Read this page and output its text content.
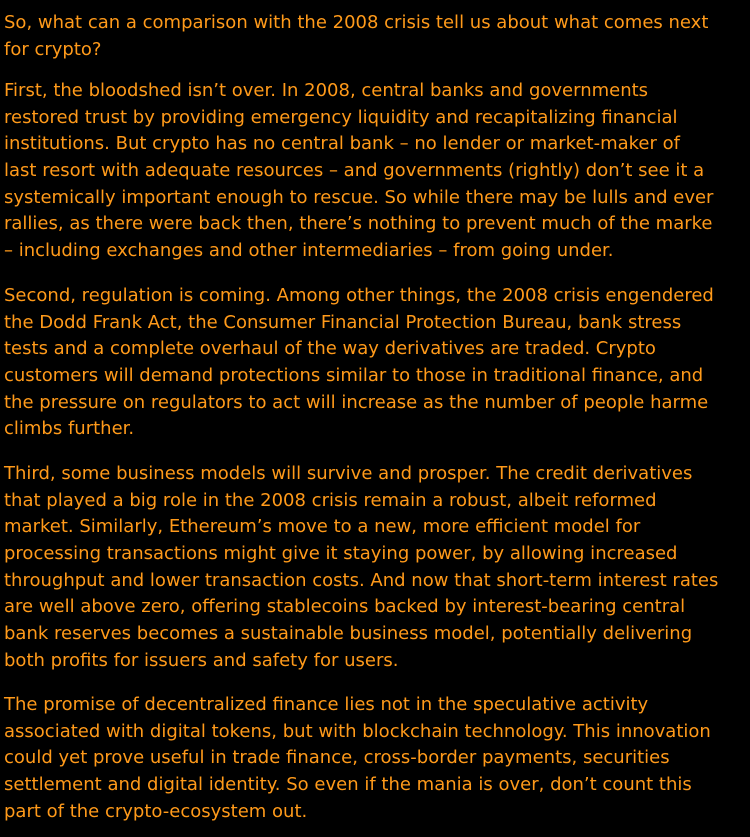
So, what can a comparison with the 2008 crisis tell us about what comes next
for crypto?
First, the bloodshed isn’t over. In 2008, central banks and governments
restored trust by providing emergency liquidity and recapitalizing financial
institutions. But crypto has no central bank – no lender or market-maker of
last resort with adequate resources – and governments (rightly) don’t see it a
systemically important enough to rescue. So while there may be lulls and ever
rallies, as there were back then, there’s nothing to prevent much of the marke
– including exchanges and other intermediaries – from going under.
Second, regulation is coming. Among other things, the 2008 crisis engendered
the Dodd Frank Act, the Consumer Financial Protection Bureau, bank stress
tests and a complete overhaul of the way derivatives are traded. Crypto
customers will demand protections similar to those in traditional finance, and
the pressure on regulators to act will increase as the number of people harme
climbs further.
Third, some business models will survive and prosper. The credit derivatives
that played a big role in the 2008 crisis remain a robust, albeit reformed
market. Similarly, Ethereum’s move to a new, more efficient model for
processing transactions might give it staying power, by allowing increased
throughput and lower transaction costs. And now that short-term interest rates
are well above zero, offering stablecoins backed by interest-bearing central
bank reserves becomes a sustainable business model, potentially delivering
both profits for issuers and safety for users.
The promise of decentralized finance lies not in the speculative activity
associated with digital tokens, but with blockchain technology. This innovation
could yet prove useful in trade finance, cross-border payments, securities
settlement and digital identity. So even if the mania is over, don’t count this
part of the crypto-ecosystem out.
